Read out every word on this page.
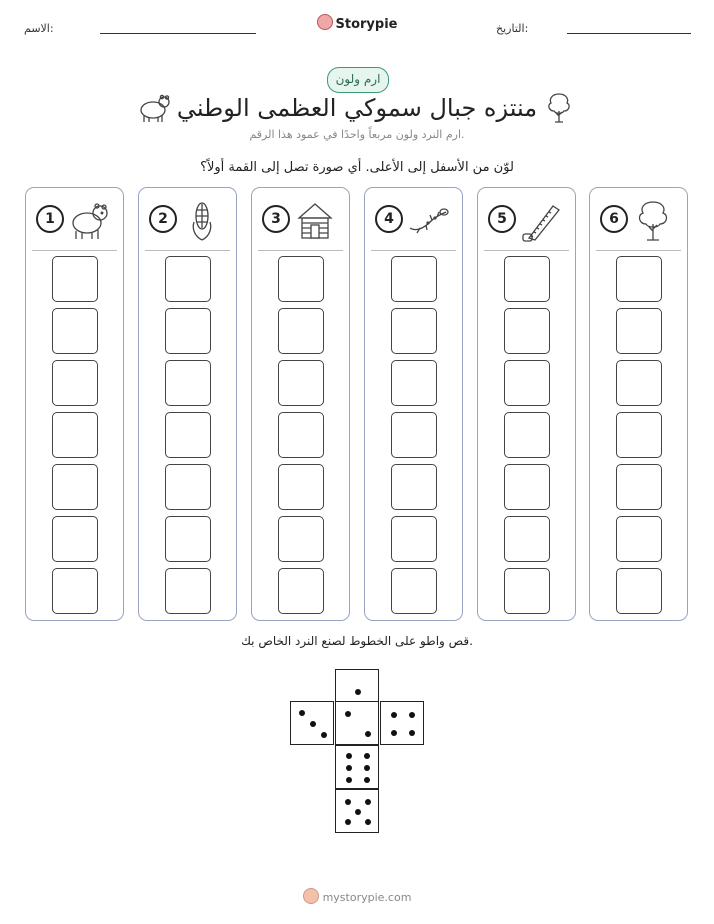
الاسم:	Storypie	التاريخ:
ارم ولون
منتزه جبال سموكي العظمى الوطني
ارم النرد ولون مربعاً واحدًا في عمود هذا الرقم.
لوّن من الأسفل إلى الأعلى. أي صورة تصل إلى القمة أولاً؟
1	2	3	4	5	6
قص واطو على الخطوط لصنع النرد الخاص بك.
mystorypie.com
